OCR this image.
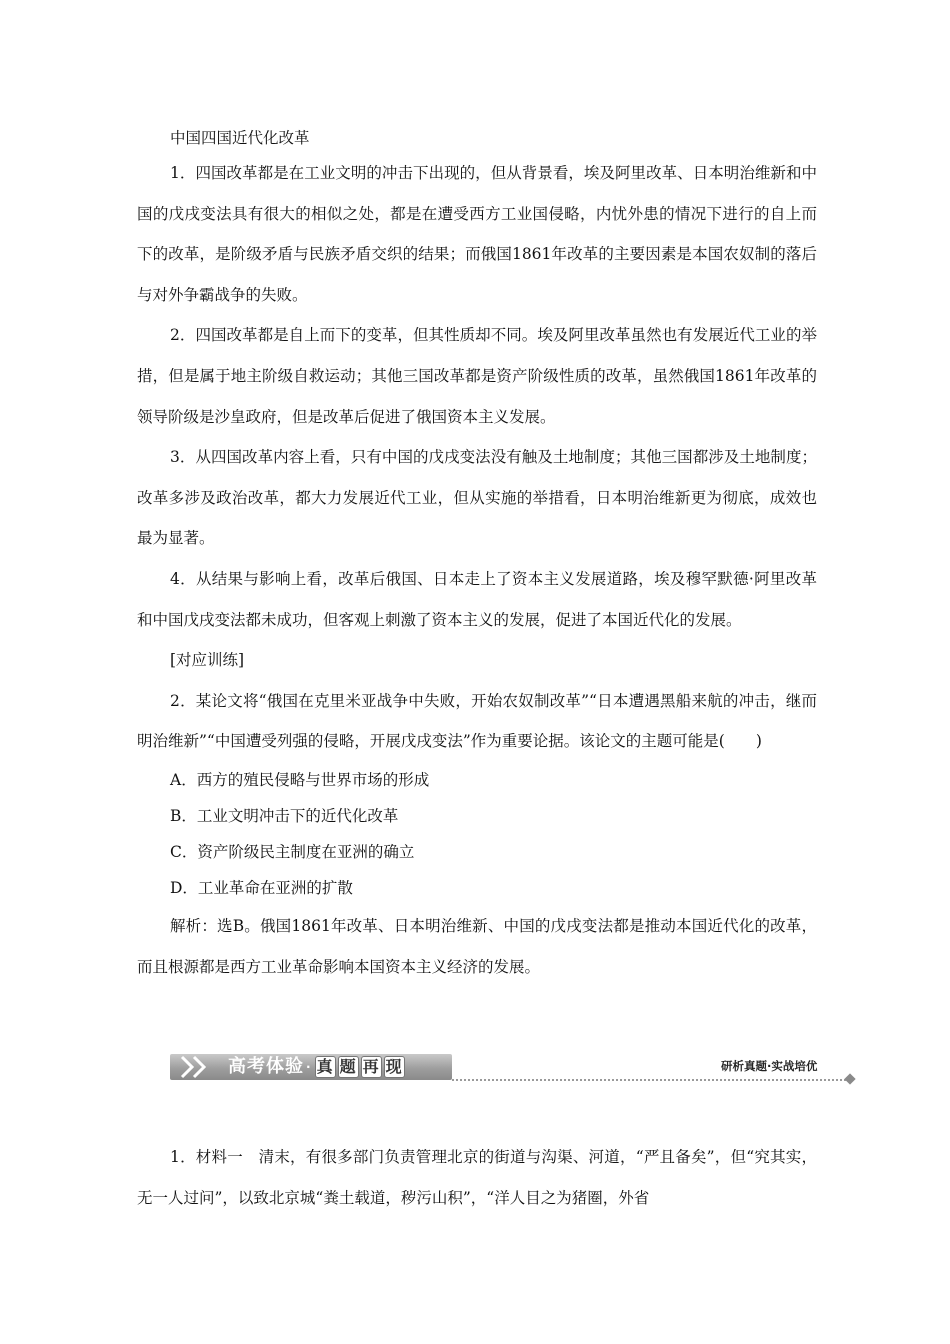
中国四国近代化改革

1．四国改革都是在工业文明的冲击下出现的，但从背景看，埃及阿里改革、日本明治维新和中国的戊戌变法具有很大的相似之处，都是在遭受西方工业国侵略，内忧外患的情况下进行的自上而下的改革，是阶级矛盾与民族矛盾交织的结果；而俄国1861年改革的主要因素是本国农奴制的落后与对外争霸战争的失败。

2．四国改革都是自上而下的变革，但其性质却不同。埃及阿里改革虽然也有发展近代工业的举措，但是属于地主阶级自救运动；其他三国改革都是资产阶级性质的改革，虽然俄国1861年改革的领导阶级是沙皇政府，但是改革后促进了俄国资本主义发展。

3．从四国改革内容上看，只有中国的戊戌变法没有触及土地制度；其他三国都涉及土地制度；改革多涉及政治改革，都大力发展近代工业，但从实施的举措看，日本明治维新更为彻底，成效也最为显著。

4．从结果与影响上看，改革后俄国、日本走上了资本主义发展道路，埃及穆罕默德·阿里改革和中国戊戌变法都未成功，但客观上刺激了资本主义的发展，促进了本国近代化的发展。

[对应训练]

2．某论文将“俄国在克里米亚战争中失败，开始农奴制改革”“日本遭遇黑船来航的冲击，继而明治维新”“中国遭受列强的侵略，开展戊戌变法”作为重要论据。该论文的主题可能是(　　)

A．西方的殖民侵略与世界市场的形成

B．工业文明冲击下的近代化改革

C．资产阶级民主制度在亚洲的确立

D．工业革命在亚洲的扩散

解析：选B。俄国1861年改革、日本明治维新、中国的戊戌变法都是推动本国近代化的改革，而且根源都是西方工业革命影响本国资本主义经济的发展。

高考体验 · 真 题 再 现	研析真题·实战培优

1．材料一　清末，有很多部门负责管理北京的街道与沟渠、河道，“严且备矣”，但“究其实，无一人过问”，以致北京城“粪土载道，秽污山积”，“洋人目之为猪圈，外省
